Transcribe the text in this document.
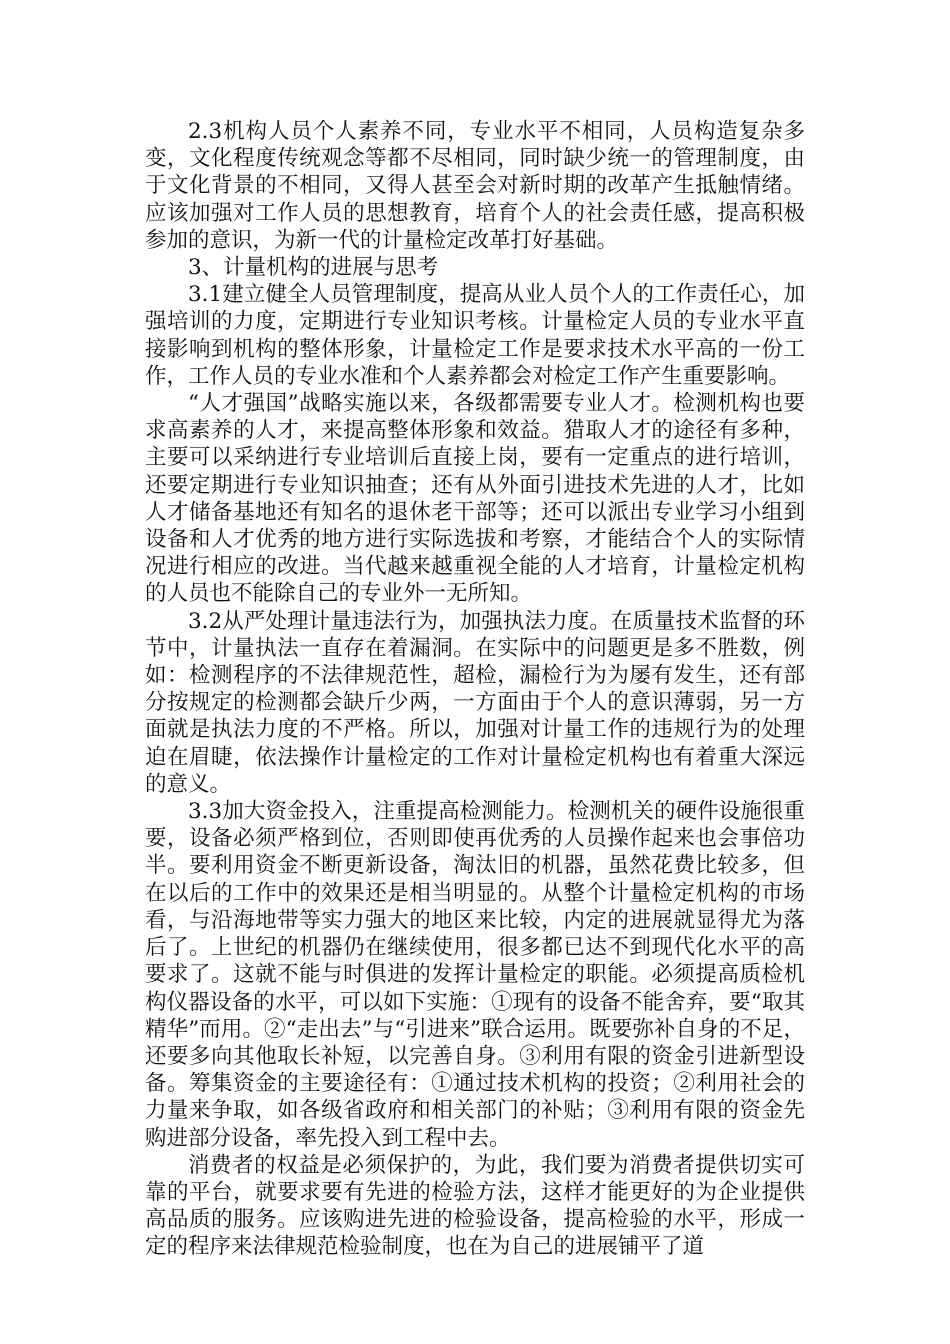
2.3机构人员个人素养不同，专业水平不相同，人员构造复杂多变，文化程度传统观念等都不尽相同，同时缺少统一的管理制度，由于文化背景的不相同，又得人甚至会对新时期的改革产生抵触情绪。应该加强对工作人员的思想教育，培育个人的社会责任感，提高积极参加的意识，为新一代的计量检定改革打好基础。

3、计量机构的进展与思考

3.1建立健全人员管理制度，提高从业人员个人的工作责任心，加强培训的力度，定期进行专业知识考核。计量检定人员的专业水平直接影响到机构的整体形象，计量检定工作是要求技术水平高的一份工作，工作人员的专业水准和个人素养都会对检定工作产生重要影响。

“人才强国”战略实施以来，各级都需要专业人才。检测机构也要求高素养的人才，来提高整体形象和效益。猎取人才的途径有多种，主要可以采纳进行专业培训后直接上岗，要有一定重点的进行培训，还要定期进行专业知识抽查；还有从外面引进技术先进的人才，比如人才储备基地还有知名的退休老干部等；还可以派出专业学习小组到设备和人才优秀的地方进行实际选拔和考察，才能结合个人的实际情况进行相应的改进。当代越来越重视全能的人才培育，计量检定机构的人员也不能除自己的专业外一无所知。

3.2从严处理计量违法行为，加强执法力度。在质量技术监督的环节中，计量执法一直存在着漏洞。在实际中的问题更是多不胜数，例如：检测程序的不法律规范性，超检，漏检行为为屡有发生，还有部分按规定的检测都会缺斤少两，一方面由于个人的意识薄弱，另一方面就是执法力度的不严格。所以，加强对计量工作的违规行为的处理迫在眉睫，依法操作计量检定的工作对计量检定机构也有着重大深远的意义。

3.3加大资金投入，注重提高检测能力。检测机关的硬件设施很重要，设备必须严格到位，否则即使再优秀的人员操作起来也会事倍功半。要利用资金不断更新设备，淘汰旧的机器，虽然花费比较多，但在以后的工作中的效果还是相当明显的。从整个计量检定机构的市场看，与沿海地带等实力强大的地区来比较，内定的进展就显得尤为落后了。上世纪的机器仍在继续使用，很多都已达不到现代化水平的高要求了。这就不能与时俱进的发挥计量检定的职能。必须提高质检机构仪器设备的水平，可以如下实施：①现有的设备不能舍弃，要“取其精华”而用。②“走出去”与“引进来”联合运用。既要弥补自身的不足，还要多向其他取长补短，以完善自身。③利用有限的资金引进新型设备。筹集资金的主要途径有：①通过技术机构的投资；②利用社会的力量来争取，如各级省政府和相关部门的补贴；③利用有限的资金先购进部分设备，率先投入到工程中去。

消费者的权益是必须保护的，为此，我们要为消费者提供切实可靠的平台，就要求要有先进的检验方法，这样才能更好的为企业提供高品质的服务。应该购进先进的检验设备，提高检验的水平，形成一定的程序来法律规范检验制度，也在为自己的进展铺平了道
